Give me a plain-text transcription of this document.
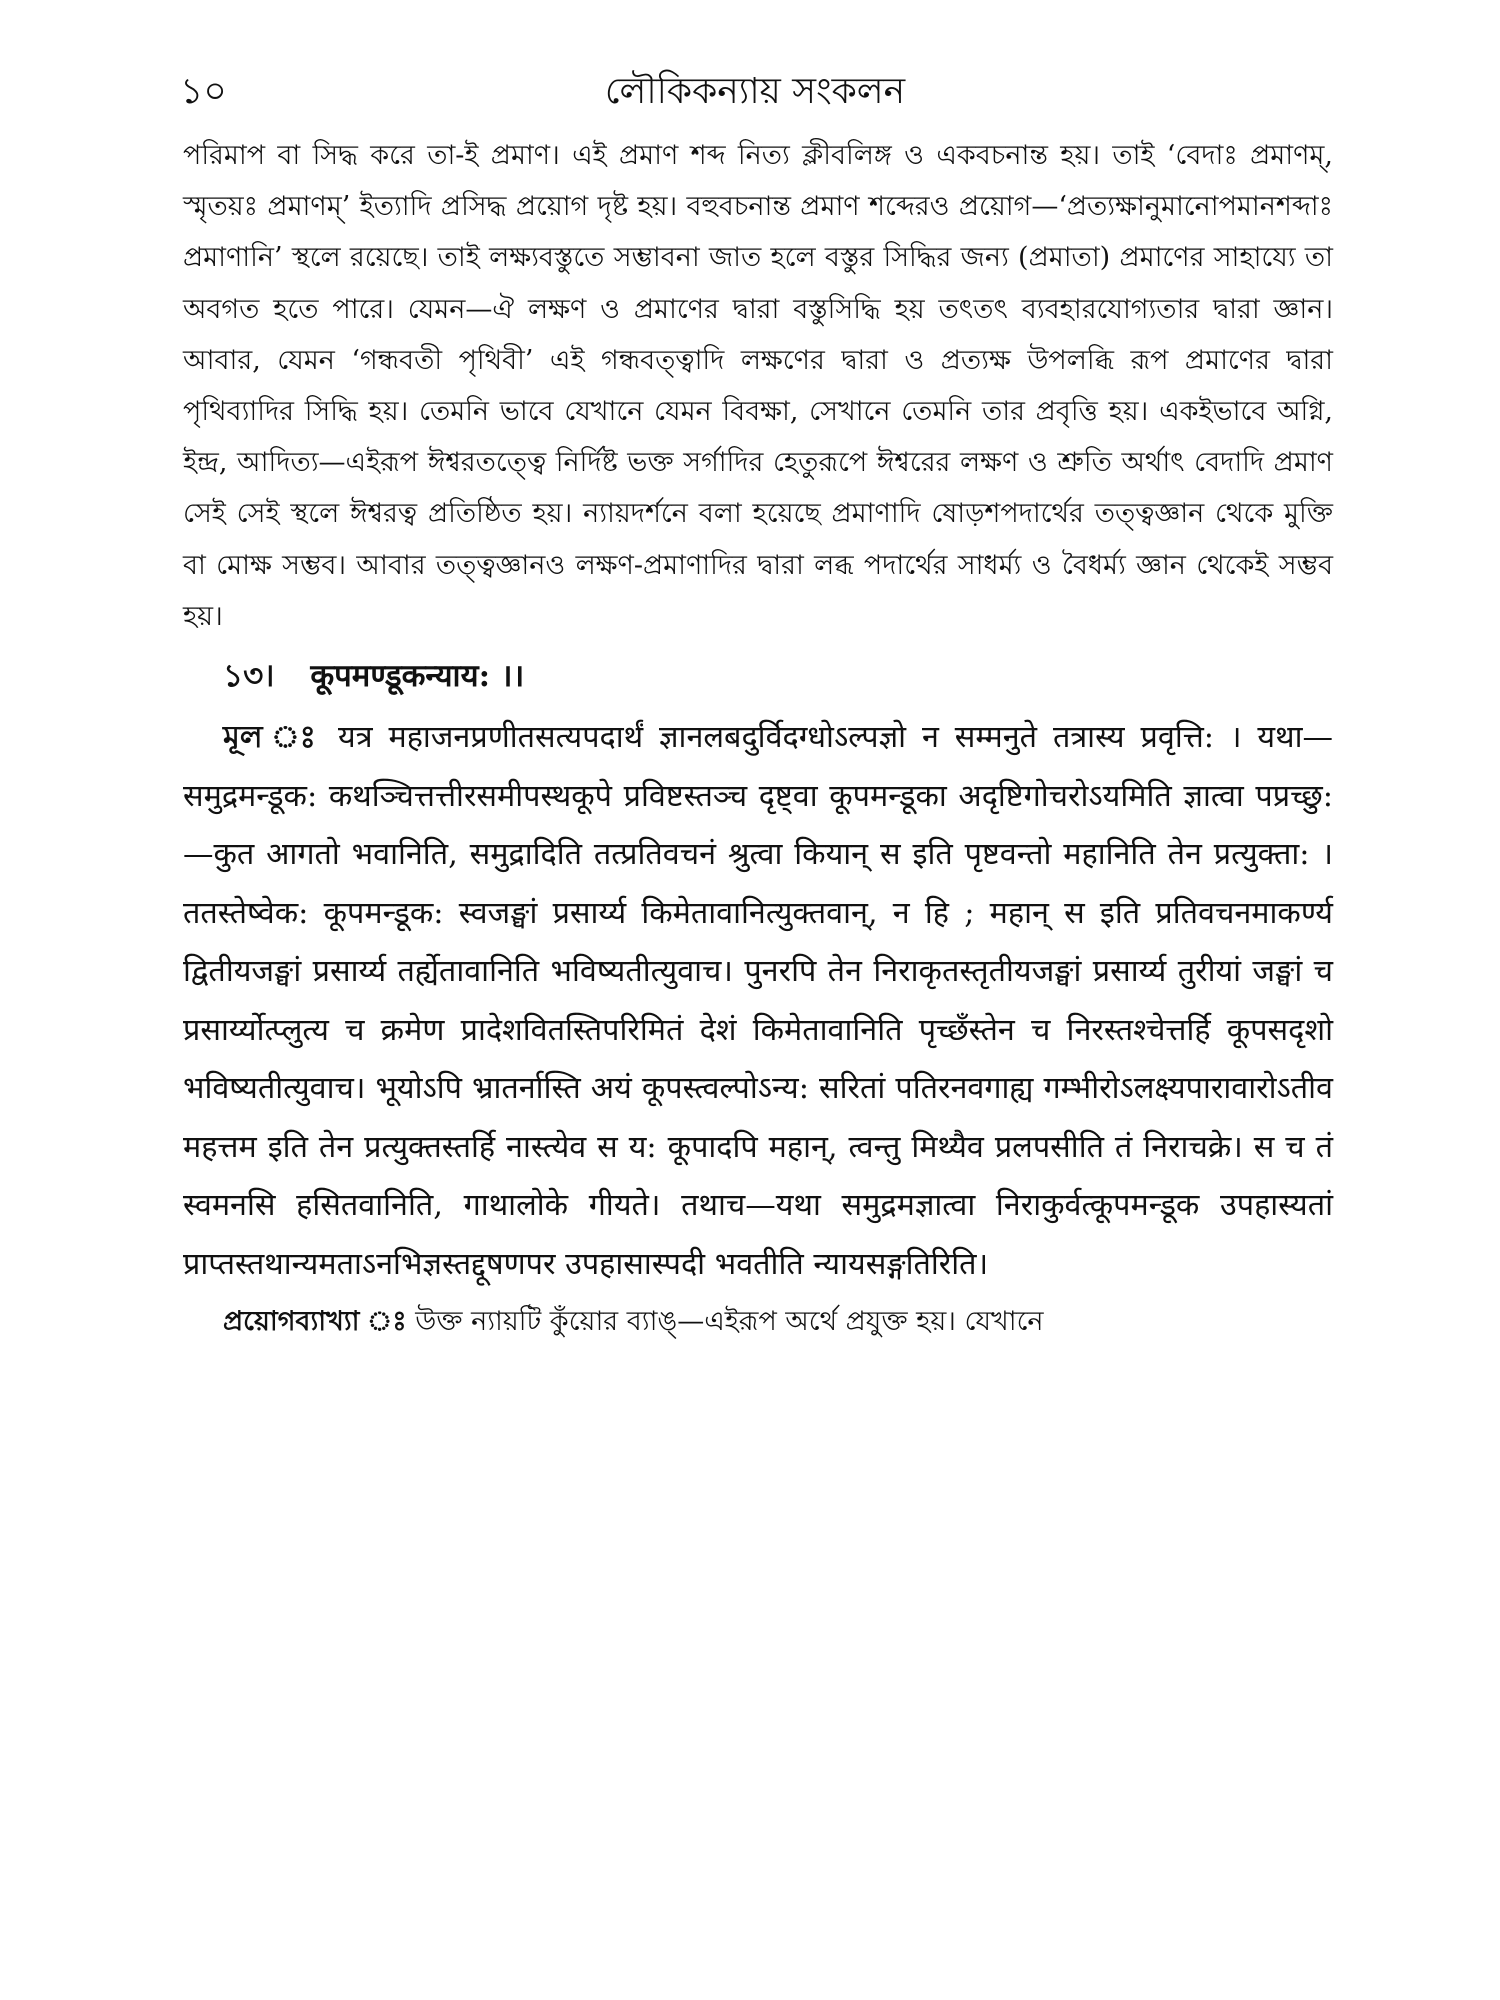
১০	লৌকিকন্যায় সংকলন

পরিমাপ বা সিদ্ধ করে তা-ই প্রমাণ। এই প্রমাণ শব্দ নিত্য ক্লীবলিঙ্গ ও একবচনান্ত হয়। তাই ‘বেদাঃ প্রমাণম্, স্মৃতয়ঃ প্রমাণম্’ ইত্যাদি প্রসিদ্ধ প্রয়োগ দৃষ্ট হয়। বহুবচনান্ত প্রমাণ শব্দেরও প্রয়োগ—‘প্রত্যক্ষানুমানোপমানশব্দাঃ প্রমাণানি’ স্থলে রয়েছে। তাই লক্ষ্যবস্তুতে সম্ভাবনা জাত হলে বস্তুর সিদ্ধির জন্য (প্রমাতা) প্রমাণের সাহায্যে তা অবগত হতে পারে। যেমন—ঐ লক্ষণ ও প্রমাণের দ্বারা বস্তুসিদ্ধি হয় তৎতৎ ব্যবহারযোগ্যতার দ্বারা জ্ঞান। আবার, যেমন ‘গন্ধবতী পৃথিবী’ এই গন্ধবত্ত্বাদি লক্ষণের দ্বারা ও প্রত্যক্ষ উপলব্ধি রূপ প্রমাণের দ্বারা পৃথিব্যাদির সিদ্ধি হয়। তেমনি ভাবে যেখানে যেমন বিবক্ষা, সেখানে তেমনি তার প্রবৃত্তি হয়। একইভাবে অগ্নি, ইন্দ্র, আদিত্য—এইরূপ ঈশ্বরতত্ত্বে নির্দিষ্ট ভক্ত সর্গাদির হেতুরূপে ঈশ্বরের লক্ষণ ও শ্রুতি অর্থাৎ বেদাদি প্রমাণ সেই সেই স্থলে ঈশ্বরত্ব প্রতিষ্ঠিত হয়। ন্যায়দর্শনে বলা হয়েছে প্রমাণাদি ষোড়শপদার্থের তত্ত্বজ্ঞান থেকে মুক্তি বা মোক্ষ সম্ভব। আবার তত্ত্বজ্ঞানও লক্ষণ-প্রমাণাদির দ্বারা লব্ধ পদার্থের সাধর্ম্য ও বৈধর্ম্য জ্ঞান থেকেই সম্ভব হয়।

১৩। कूपमण्डूकन्याय: ।।

মূল ঃ यत्र महाजनप्रणीतसत्यपदार्थं ज्ञानलबदुर्विदग्धोऽल्पज्ञो न सम्मनुते तत्रास्य प्रवृत्ति: । यथा—समुद्रमन्डूक: कथञ्चित्तत्तीरसमीपस्थकूपे प्रविष्टस्तञ्च दृष्ट्वा कूपमन्डूका अदृष्टिगोचरोऽयमिति ज्ञात्वा पप्रच्छु:—कुत आगतो भवानिति, समुद्रादिति तत्प्रतिवचनं श्रुत्वा कियान् स इति पृष्टवन्तो महानिति तेन प्रत्युक्ता: । ततस्तेष्वेक: कूपमन्डूक: स्वजङ्घां प्रसार्य्य किमेतावानित्युक्तवान्, न हि ; महान् स इति प्रतिवचनमाकर्ण्य द्वितीयजङ्घां प्रसार्य्य तर्ह्येतावानिति भविष्यतीत्युवाच। पुनरपि तेन निराकृतस्तृतीयजङ्घां प्रसार्य्य तुरीयां जङ्घां च प्रसार्य्योत्प्लुत्य च क्रमेण प्रादेशवितस्तिपरिमितं देशं किमेतावानिति पृच्छँस्तेन च निरस्तश्चेत्तर्हि कूपसदृशो भविष्यतीत्युवाच। भूयोऽपि भ्रातर्नास्ति अयं कूपस्त्वल्पोऽन्य: सरितां पतिरनवगाह्य गम्भीरोऽलक्ष्यपारावारोऽतीव महत्तम इति तेन प्रत्युक्तस्तर्हि नास्त्येव स य: कूपादपि महान्, त्वन्तु मिथ्यैव प्रलपसीति तं निराचक्रे। स च तं स्वमनसि हसितवानिति, गाथालोके गीयते। तथाच—यथा समुद्रमज्ञात्वा निराकुर्वत्कूपमन्डूक उपहास्यतां प्राप्तस्तथान्यमताऽनभिज्ञस्तद्दूषणपर उपहासास्पदी भवतीति न्यायसङ्गतिरिति।

প্রয়োগব্যাখ্যা ঃ উক্ত ন্যায়টি কুঁয়োর ব্যাঙ্—এইরূপ অর্থে প্রযুক্ত হয়। যেখানে
